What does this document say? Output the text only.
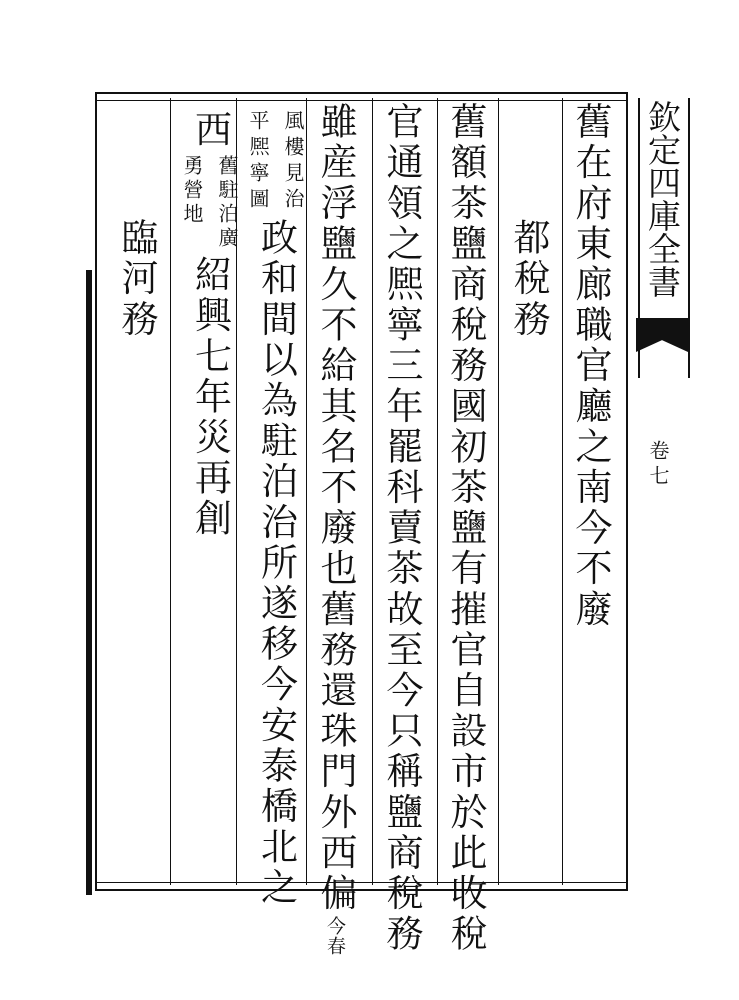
欽定四庫全書
卷七
舊在府東廊職官廳之南今不廢
都稅務
舊額茶鹽商稅務國初茶鹽有摧官自設市於此收稅
官通領之熈寧三年罷科賣茶故至今只稱鹽商稅務
雖産浮鹽久不給其名不廢也舊務還珠門外西偏
今春
風樓見治
平熈寧圖
政和間以為駐泊治所遂移今安泰橋北之
西
舊駐泊廣
勇營地
紹興七年災再創
臨河務
